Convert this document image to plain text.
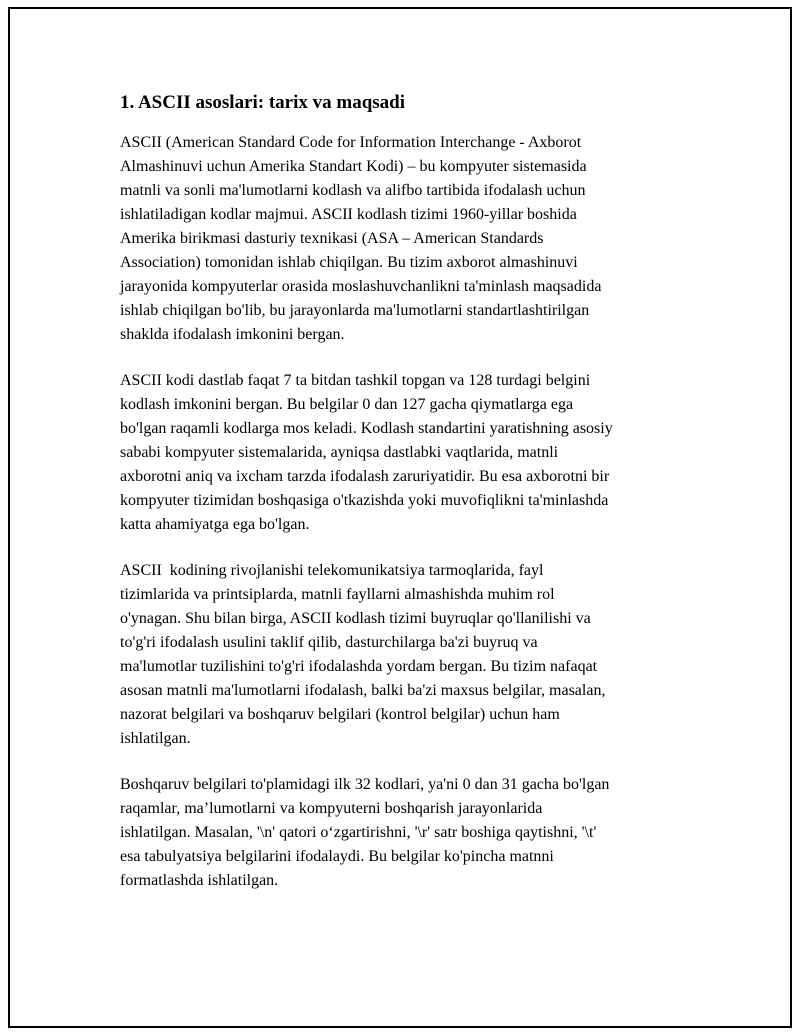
1. ASCII asoslari: tarix va maqsadi

ASCII (American Standard Code for Information Interchange - Axborot
Almashinuvi uchun Amerika Standart Kodi) – bu kompyuter sistemasida
matnli va sonli ma'lumotlarni kodlash va alifbo tartibida ifodalash uchun
ishlatiladigan kodlar majmui. ASCII kodlash tizimi 1960-yillar boshida
Amerika birikmasi dasturiy texnikasi (ASA – American Standards
Association) tomonidan ishlab chiqilgan. Bu tizim axborot almashinuvi
jarayonida kompyuterlar orasida moslashuvchanlikni ta'minlash maqsadida
ishlab chiqilgan bo'lib, bu jarayonlarda ma'lumotlarni standartlashtirilgan
shaklda ifodalash imkonini bergan.

ASCII kodi dastlab faqat 7 ta bitdan tashkil topgan va 128 turdagi belgini
kodlash imkonini bergan. Bu belgilar 0 dan 127 gacha qiymatlarga ega
bo'lgan raqamli kodlarga mos keladi. Kodlash standartini yaratishning asosiy
sababi kompyuter sistemalarida, ayniqsa dastlabki vaqtlarida, matnli
axborotni aniq va ixcham tarzda ifodalash zaruriyatidir. Bu esa axborotni bir
kompyuter tizimidan boshqasiga o'tkazishda yoki muvofiqlikni ta'minlashda
katta ahamiyatga ega bo'lgan.

ASCII  kodining rivojlanishi telekomunikatsiya tarmoqlarida, fayl
tizimlarida va printsiplarda, matnli fayllarni almashishda muhim rol
o'ynagan. Shu bilan birga, ASCII kodlash tizimi buyruqlar qo'llanilishi va
to'g'ri ifodalash usulini taklif qilib, dasturchilarga ba'zi buyruq va
ma'lumotlar tuzilishini to'g'ri ifodalashda yordam bergan. Bu tizim nafaqat
asosan matnli ma'lumotlarni ifodalash, balki ba'zi maxsus belgilar, masalan,
nazorat belgilari va boshqaruv belgilari (kontrol belgilar) uchun ham
ishlatilgan.

Boshqaruv belgilari to'plamidagi ilk 32 kodlari, ya'ni 0 dan 31 gacha bo'lgan
raqamlar, ma’lumotlarni va kompyuterni boshqarish jarayonlarida
ishlatilgan. Masalan, '\n' qatori o‘zgartirishni, '\r' satr boshiga qaytishni, '\t'
esa tabulyatsiya belgilarini ifodalaydi. Bu belgilar ko'pincha matnni
formatlashda ishlatilgan.
